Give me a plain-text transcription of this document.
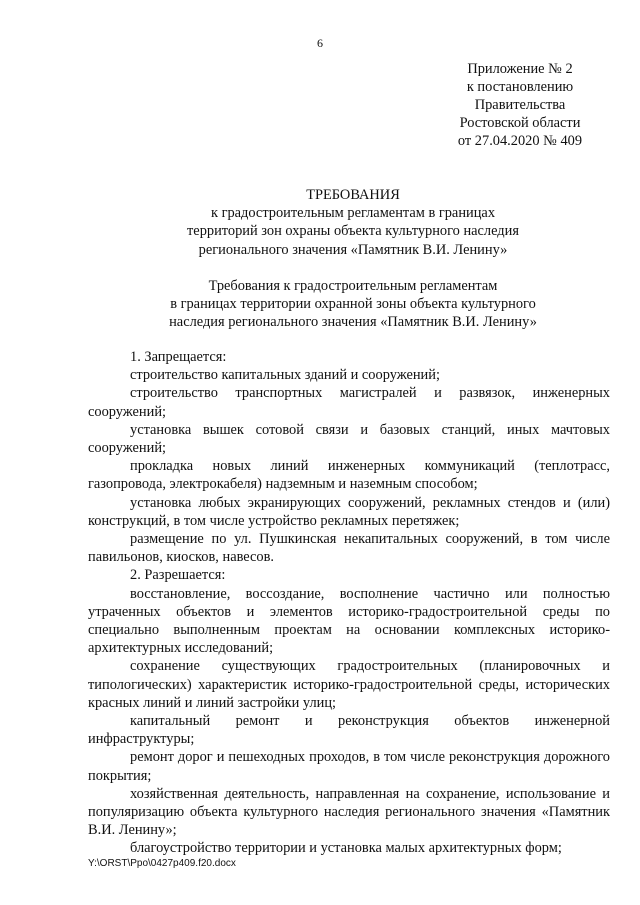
6
Приложение № 2
к постановлению
Правительства
Ростовской области
от 27.04.2020 № 409
ТРЕБОВАНИЯ
к градостроительным регламентам в границах
территорий зон охраны объекта культурного наследия
регионального значения «Памятник В.И. Ленину»
Требования к градостроительным регламентам
в границах территории охранной зоны объекта культурного
наследия регионального значения «Памятник В.И. Ленину»

1. Запрещается:

строительство капитальных зданий и сооружений;

строительство транспортных магистралей и развязок, инженерных сооружений;

установка вышек сотовой связи и базовых станций, иных мачтовых сооружений;

прокладка новых линий инженерных коммуникаций (теплотрасс, газопровода, электрокабеля) надземным и наземным способом;

установка любых экранирующих сооружений, рекламных стендов и (или) конструкций, в том числе устройство рекламных перетяжек;

размещение по ул. Пушкинская некапитальных сооружений, в том числе павильонов, киосков, навесов.

2. Разрешается:

восстановление, воссоздание, восполнение частично или полностью утраченных объектов и элементов историко-градостроительной среды по специально выполненным проектам на основании комплексных историко-архитектурных исследований;

сохранение существующих градостроительных (планировочных и типологических) характеристик историко-градостроительной среды, исторических красных линий и линий застройки улиц;

капитальный ремонт и реконструкция объектов инженерной инфраструктуры;

ремонт дорог и пешеходных проходов, в том числе реконструкция дорожного покрытия;

хозяйственная деятельность, направленная на сохранение, использование и популяризацию объекта культурного наследия регионального значения «Памятник В.И. Ленину»;

благоустройство территории и установка малых архитектурных форм;

Y:\ORST\Ppo\0427p409.f20.docx
